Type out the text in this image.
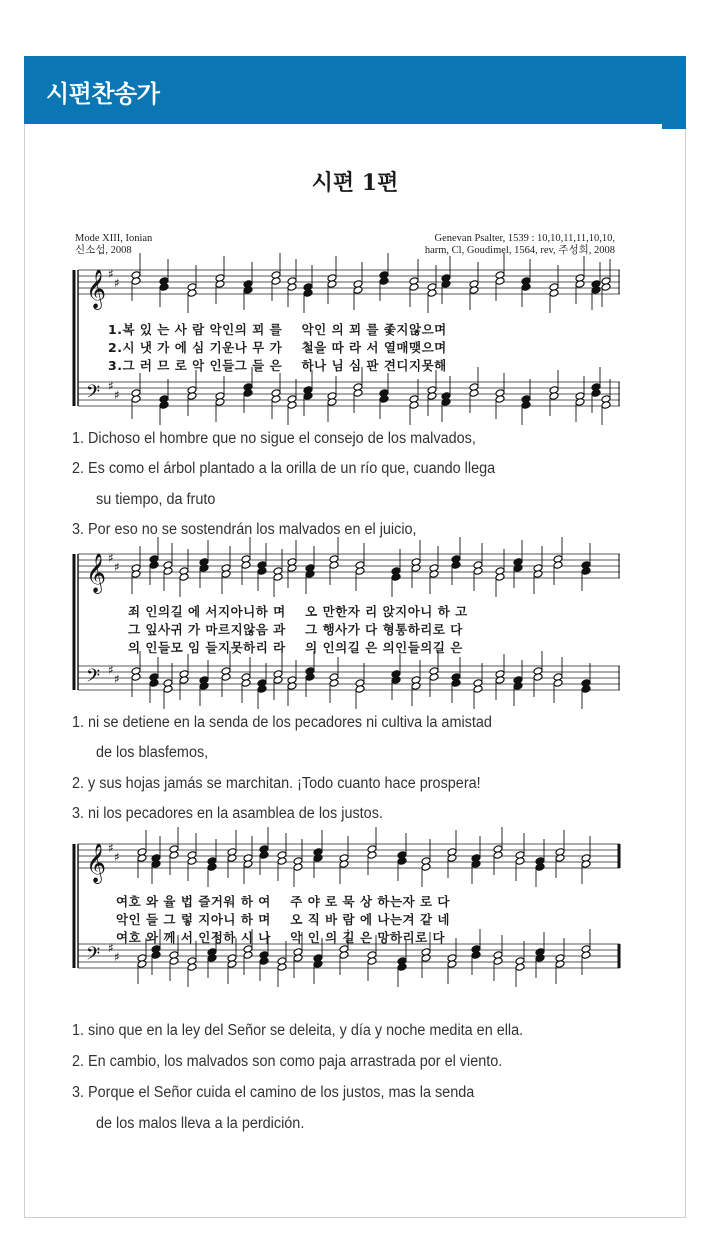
시편찬송가
시편 1편
Mode XIII, Ionian
신소섭, 2008
Genevan Psalter, 1539 : 10,10,11,11,10,10,
harm, Cl, Goudimel, 1564, rev, 주성희, 2008
𝄞 ♯
♯
𝄢 ♯
♯
1.복 있 는 사 람 악인의 꾀 를    악인 의 꾀 를 좇지않으며
2.시 냇 가 에 심 기운나 무 가    철을 따 라 서 열매맺으며
3.그 러 므 로 악 인들그 들 은    하나 님 심 판 견디지못해
1. Dichoso el hombre que no sigue el consejo de los malvados,
2. Es como el árbol plantado a la orilla de un río que, cuando llega
su tiempo, da fruto
3. Por eso no se sostendrán los malvados en el juicio,
𝄞 ♯
♯
𝄢 ♯
♯
죄 인의길 에 서지아니하 며    오 만한자 리 앉지아니 하 고
그 잎사귀 가 마르지않음 과    그 행사가 다 형통하리로 다
의 인들모 임 들지못하리 라    의 인의길 은 의인들의길 은
1. ni se detiene en la senda de los pecadores ni cultiva la amistad
de los blasfemos,
2. y sus hojas jamás se marchitan. ¡Todo cuanto hace prospera!
3. ni los pecadores en la asamblea de los justos.
𝄞 ♯
♯
𝄢 ♯
♯
여호 와 율 법 즐거워 하 여    주 야 로 묵 상 하는자 로 다
악인 들 그 렇 지아니 하 며    오 직 바 람 에 나는겨 같 네
여호 와 께 서 인정하 시 나    악 인 의 길 은 망하리로 다
1. sino que en la ley del Señor se deleita, y día y noche medita en ella.
2. En cambio, los malvados son como paja arrastrada por el viento.
3. Porque el Señor cuida el camino de los justos, mas la senda
de los malos lleva a la perdición.
